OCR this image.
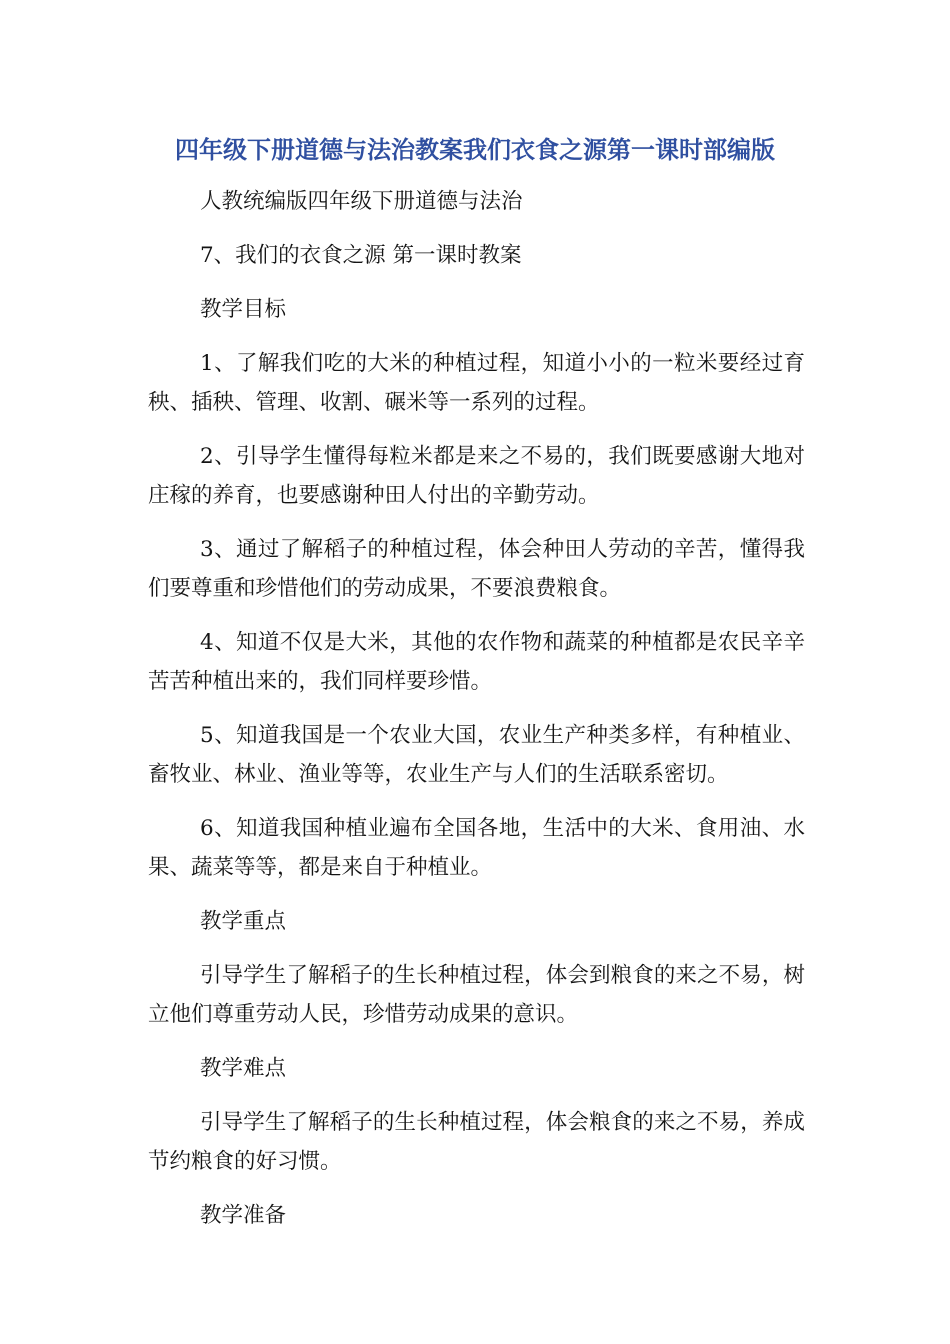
四年级下册道德与法治教案我们衣食之源第一课时部编版

人教统编版四年级下册道德与法治

7、我们的衣食之源 第一课时教案

教学目标

1、了解我们吃的大米的种植过程，知道小小的一粒米要经过育
秧、插秧、管理、收割、碾米等一系列的过程。

2、引导学生懂得每粒米都是来之不易的，我们既要感谢大地对
庄稼的养育，也要感谢种田人付出的辛勤劳动。

3、通过了解稻子的种植过程，体会种田人劳动的辛苦，懂得我
们要尊重和珍惜他们的劳动成果，不要浪费粮食。

4、知道不仅是大米，其他的农作物和蔬菜的种植都是农民辛辛
苦苦种植出来的，我们同样要珍惜。

5、知道我国是一个农业大国，农业生产种类多样，有种植业、
畜牧业、林业、渔业等等，农业生产与人们的生活联系密切。

6、知道我国种植业遍布全国各地，生活中的大米、食用油、水
果、蔬菜等等，都是来自于种植业。

教学重点

引导学生了解稻子的生长种植过程，体会到粮食的来之不易，树
立他们尊重劳动人民，珍惜劳动成果的意识。

教学难点

引导学生了解稻子的生长种植过程，体会粮食的来之不易，养成
节约粮食的好习惯。

教学准备
